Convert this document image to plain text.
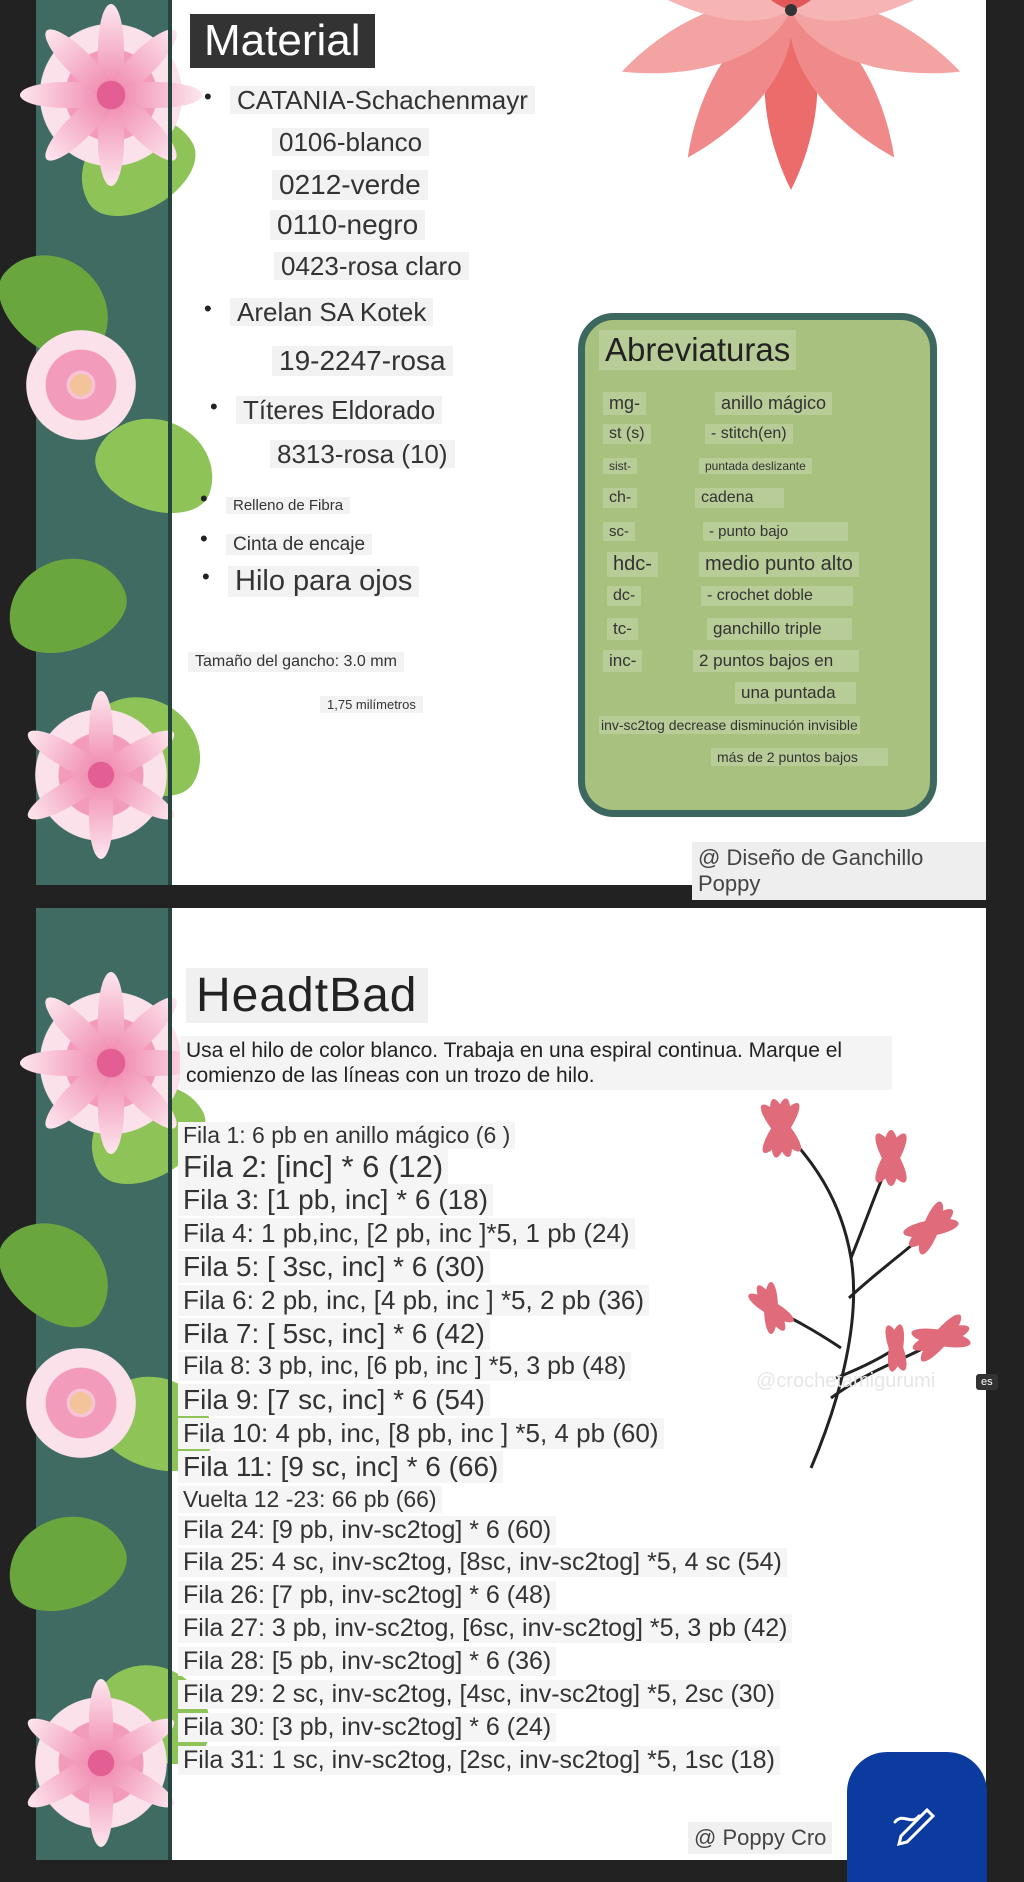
Material
• CATANIA-Schachenmayr
0106-blanco
0212-verde
0110-negro
0423-rosa claro
• Arelan SA Kotek
19-2247-rosa
• Títeres Eldorado
8313-rosa (10)
• Relleno de Fibra
• Cinta de encaje
• Hilo para ojos
Tamaño del gancho: 3.0 mm
1,75 milímetros
Abreviaturas
mg-	anillo mágico
st (s)	- stitch(en)
sist-	puntada deslizante
ch-	cadena
sc-	- punto bajo
hdc-	medio punto alto
dc-	- crochet doble
tc-	ganchillo triple
inc-	2 puntos bajos en
una puntada
inv-sc2tog decrease disminución invisible
más de 2 puntos bajos
@ Diseño de Ganchillo Poppy
HeadtBad
Usa el hilo de color blanco. Trabaja en una espiral continua. Marque el comienzo de las líneas con un trozo de hilo.
Fila 1: 6 pb en anillo mágico (6 )
Fila 2: [inc] * 6 (12)
Fila 3: [1 pb, inc] * 6 (18)
Fila 4: 1 pb,inc, [2 pb, inc ]*5, 1 pb (24)
Fila 5: [ 3sc, inc] * 6 (30)
Fila 6: 2 pb, inc, [4 pb, inc ] *5, 2 pb (36)
Fila 7: [ 5sc, inc] * 6 (42)
Fila 8: 3 pb, inc, [6 pb, inc ] *5, 3 pb (48)
Fila 9: [7 sc, inc] * 6 (54)
Fila 10: 4 pb, inc, [8 pb, inc ] *5, 4 pb (60)
Fila 11: [9 sc, inc] * 6 (66)
Vuelta 12 -23: 66 pb (66)
Fila 24: [9 pb, inv-sc2tog] * 6 (60)
Fila 25: 4 sc, inv-sc2tog, [8sc, inv-sc2tog] *5, 4 sc (54)
Fila 26: [7 pb, inv-sc2tog] * 6 (48)
Fila 27: 3 pb, inv-sc2tog, [6sc, inv-sc2tog] *5, 3 pb (42)
Fila 28: [5 pb, inv-sc2tog] * 6 (36)
Fila 29: 2 sc, inv-sc2tog, [4sc, inv-sc2tog] *5, 2sc (30)
Fila 30: [3 pb, inv-sc2tog] * 6 (24)
Fila 31: 1 sc, inv-sc2tog, [2sc, inv-sc2tog] *5, 1sc (18)
@crochetamigurumi	es
@ Poppy Cro
